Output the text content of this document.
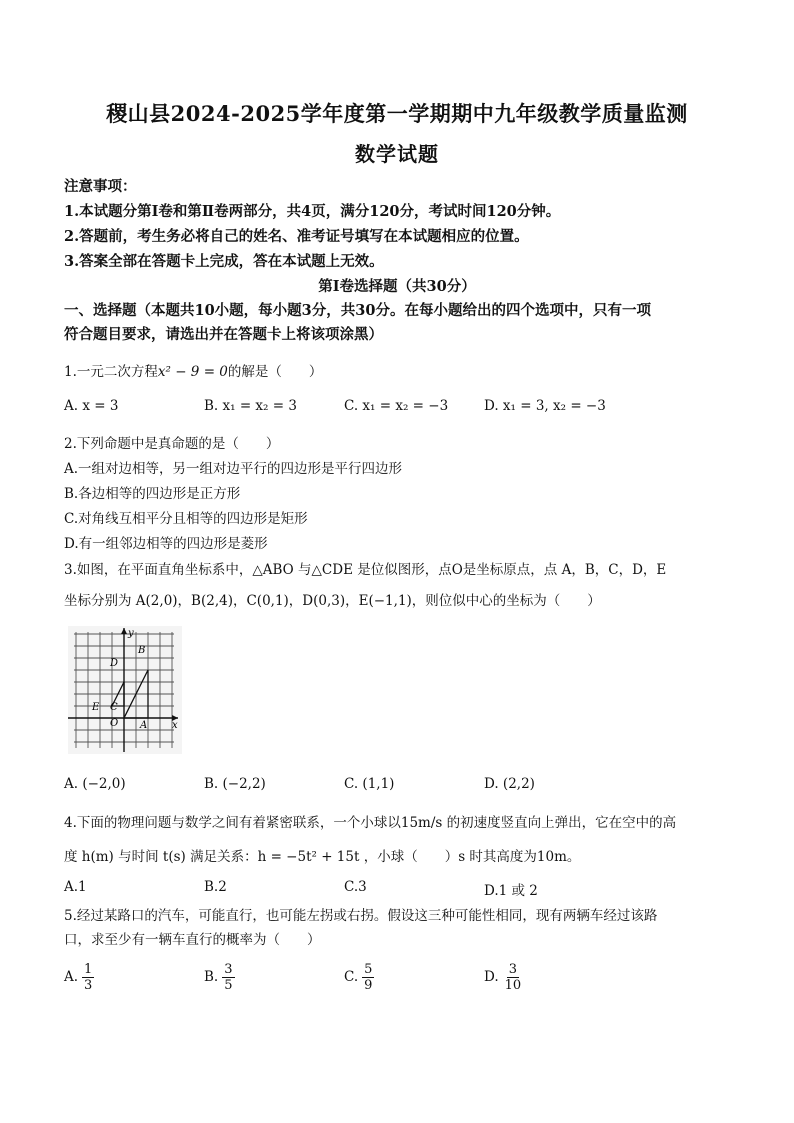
稷山县2024-2025学年度第一学期期中九年级教学质量监测
数学试题
注意事项：
1.本试题分第Ⅰ卷和第Ⅱ卷两部分，共4页，满分120分，考试时间120分钟。
2.答题前，考生务必将自己的姓名、准考证号填写在本试题相应的位置。
3.答案全部在答题卡上完成，答在本试题上无效。
第Ⅰ卷选择题（共30分）
一、选择题（本题共10小题，每小题3分，共30分。在每小题给出的四个选项中，只有一项
符合题目要求，请选出并在答题卡上将该项涂黑）
1.一元二次方程x² − 9 = 0的解是（　　）
A. x = 3	B. x₁ = x₂ = 3	C. x₁ = x₂ = −3	D. x₁ = 3, x₂ = −3
2.下列命题中是真命题的是（　　）
A.一组对边相等，另一组对边平行的四边形是平行四边形
B.各边相等的四边形是正方形
C.对角线互相平分且相等的四边形是矩形
D.有一组邻边相等的四边形是菱形
3.如图，在平面直角坐标系中，△ABO 与△CDE 是位似图形，点O是坐标原点，点 A，B，C，D，E
坐标分别为 A(2,0)，B(2,4)，C(0,1)，D(0,3)，E(−1,1)，则位似中心的坐标为（　　）
y
x
B
D
E C
O A
A. (−2,0)	B. (−2,2)	C. (1,1)	D. (2,2)
4.下面的物理问题与数学之间有着紧密联系，一个小球以15m/s 的初速度竖直向上弹出，它在空中的高
度 h(m) 与时间 t(s) 满足关系：h = −5t² + 15t ，小球（　　）s 时其高度为10m。
A.1	B.2	C.3	D.1 或 2
5.经过某路口的汽车，可能直行，也可能左拐或右拐。假设这三种可能性相同，现有两辆车经过该路
口，求至少有一辆车直行的概率为（　　）
A. $\frac{1}{3}$	B. $\frac{3}{5}$	C. $\frac{5}{9}$	D. $\frac{3}{10}$
